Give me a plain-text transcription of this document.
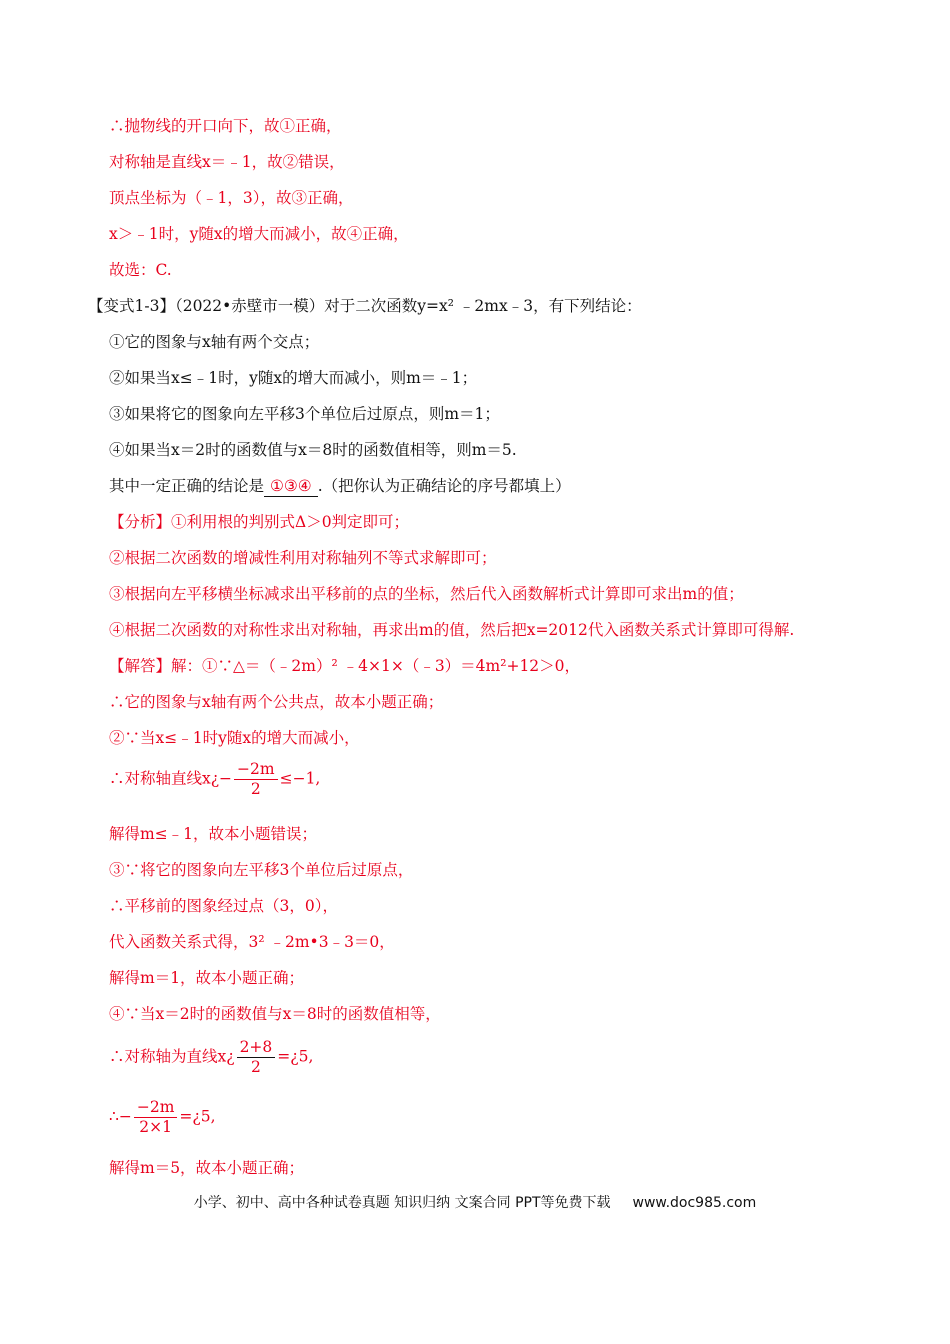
∴抛物线的开口向下，故①正确，
对称轴是直线x＝﹣1，故②错误，
顶点坐标为（﹣1，3），故③正确，
x＞﹣1时，y随x的增大而减小，故④正确，
故选：C.
【变式1-3】（2022•赤壁市一模）对于二次函数y=x² ﹣2mx﹣3，有下列结论：
①它的图象与x轴有两个交点；
②如果当x≤﹣1时，y随x的增大而减小，则m＝﹣1；
③如果将它的图象向左平移3个单位后过原点，则m＝1；
④如果当x＝2时的函数值与x＝8时的函数值相等，则m＝5.
其中一定正确的结论是 ①③④ .（把你认为正确结论的序号都填上）
【分析】①利用根的判别式Δ＞0判定即可；
②根据二次函数的增减性利用对称轴列不等式求解即可；
③根据向左平移横坐标减求出平移前的点的坐标，然后代入函数解析式计算即可求出m的值；
④根据二次函数的对称性求出对称轴，再求出m的值，然后把x=2012代入函数关系式计算即可得解.
【解答】解：①∵△＝（﹣2m）² ﹣4×1×（﹣3）＝4m²+12＞0，
∴它的图象与x轴有两个公共点，故本小题正确；
②∵当x≤﹣1时y随x的增大而减小，
∴对称轴直线x¿− $\frac{-2m}{2} \le-1$,
解得m≤﹣1，故本小题错误；
③∵将它的图象向左平移3个单位后过原点，
∴平移前的图象经过点（3，0），
代入函数关系式得，3² ﹣2m•3﹣3＝0，
解得m＝1，故本小题正确；
④∵当x＝2时的函数值与x＝8时的函数值相等，
∴对称轴为直线x¿ $\frac{2+8}{2}$ =¿5,
∴− $\frac{-2m}{2\times 1}$ =¿5,
解得m＝5，故本小题正确；
小学、初中、高中各种试卷真题 知识归纳 文案合同 PPT等免费下载 www.doc985.com
